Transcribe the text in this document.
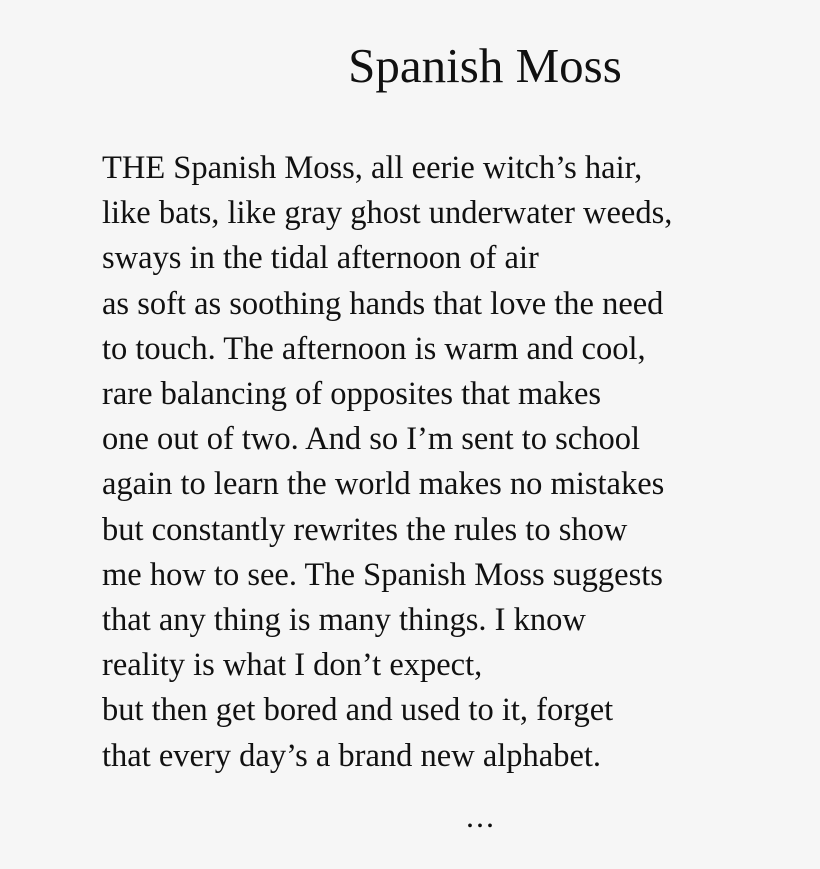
Spanish Moss
THE Spanish Moss, all eerie witch’s hair,
like bats, like gray ghost underwater weeds,
sways in the tidal afternoon of air
as soft as soothing hands that love the need
to touch. The afternoon is warm and cool,
rare balancing of opposites that makes
one out of two. And so I’m sent to school
again to learn the world makes no mistakes
but constantly rewrites the rules to show
me how to see. The Spanish Moss suggests
that any thing is many things. I know
reality is what I don’t expect,
but then get bored and used to it, forget
that every day’s a brand new alphabet.
...
